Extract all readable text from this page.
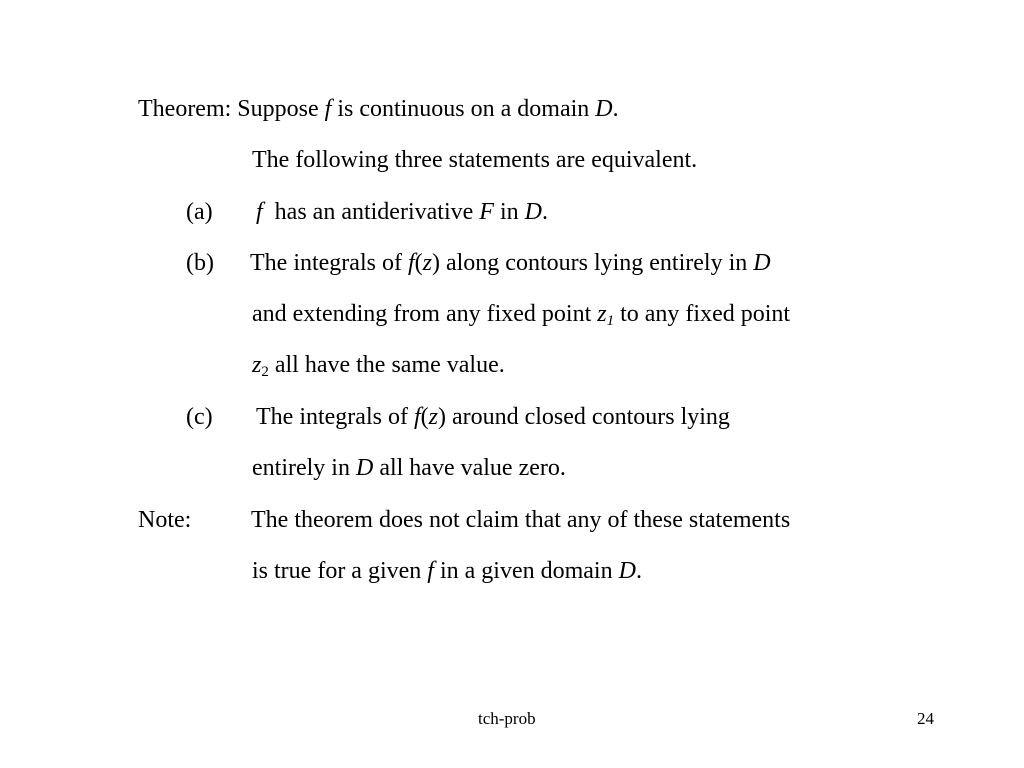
Theorem: Suppose f is continuous on a domain D.
The following three statements are equivalent.
(a) f has an antiderivative F in D.
(b) The integrals of f(z) along contours lying entirely in D
and extending from any fixed point $z_1$ to any fixed point
$z_2$ all have the same value.
(c) The integrals of f(z) around closed contours lying
entirely in D all have value zero.
Note: The theorem does not claim that any of these statements
is true for a given f in a given domain D.
tch-prob	24
